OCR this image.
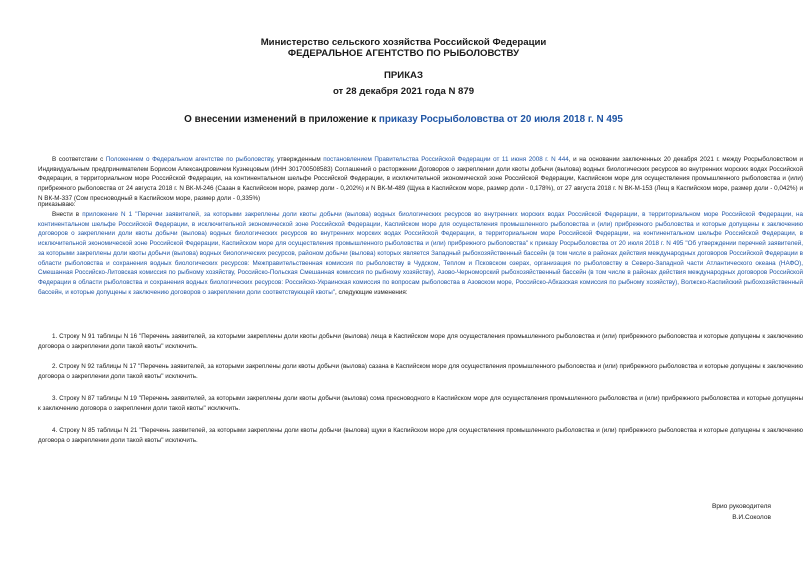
Министерство сельского хозяйства Российской Федерации
ФЕДЕРАЛЬНОЕ АГЕНТСТВО ПО РЫБОЛОВСТВУ
ПРИКАЗ
от 28 декабря 2021 года N 879
О внесении изменений в приложение к приказу Росрыболовства от 20 июля 2018 г. N 495

В соответствии с Положением о Федеральном агентстве по рыболовству, утвержденным постановлением Правительства Российской Федерации от 11 июня 2008 г. N 444, и на основании заключенных 20 декабря 2021 г. между Росрыболовством и Индивидуальным предпринимателем Борисом Александровичем Кузнецовым (ИНН 301700508583) Соглашений о расторжении Договоров о закреплении доли квоты добычи (вылова) водных биологических ресурсов во внутренних морских водах Российской Федерации, в территориальном море Российской Федерации, на континентальном шельфе Российской Федерации, в исключительной экономической зоне Российской Федерации, Каспийском море для осуществления промышленного рыболовства и (или) прибрежного рыболовства от 24 августа 2018 г. N ВК-М-246 (Сазан в Каспийском море, размер доли - 0,202%) и N ВК-М-489 (Щука в Каспийском море, размер доли - 0,178%), от 27 августа 2018 г. N ВК-М-153 (Лещ в Каспийском море, размер доли - 0,042%) и N ВК-М-337 (Сом пресноводный в Каспийском море, размер доли - 0,335%)

приказываю:

Внести в приложение N 1 "Перечни заявителей, за которыми закреплены доли квоты добычи (вылова) водных биологических ресурсов во внутренних морских водах Российской Федерации, в территориальном море Российской Федерации, на континентальном шельфе Российской Федерации, в исключительной экономической зоне Российской Федерации, Каспийском море для осуществления промышленного рыболовства и (или) прибрежного рыболовства и которые допущены к заключению договоров о закреплении доли квоты добычи (вылова) водных биологических ресурсов во внутренних морских водах Российской Федерации, в территориальном море Российской Федерации, на континентальном шельфе Российской Федерации, в исключительной экономической зоне Российской Федерации, Каспийском море для осуществления промышленного рыболовства и (или) прибрежного рыболовства" к приказу Росрыболовства от 20 июля 2018 г. N 495 "Об утверждении перечней заявителей, за которыми закреплены доли квоты добычи (вылова) водных биологических ресурсов, районом добычи (вылова) которых является Западный рыбохозяйственный бассейн (в том числе в районах действия международных договоров Российской Федерации в области рыболовства и сохранения водных биологических ресурсов: Межправительственная комиссия по рыболовству в Чудском, Теплом и Псковском озерах, организация по рыболовству в Северо-Западной части Атлантического океана (НАФО), Смешанная Российско-Литовская комиссия по рыбному хозяйству, Российско-Польская Смешанная комиссия по рыбному хозяйству), Азово-Черноморский рыбохозяйственный бассейн (в том числе в районах действия международных договоров Российской Федерации в области рыболовства и сохранения водных биологических ресурсов: Российско-Украинская комиссия по вопросам рыболовства в Азовском море, Российско-Абхазская комиссия по рыбному хозяйству), Волжско-Каспийский рыбохозяйственный бассейн, и которые допущены к заключению договоров о закреплении доли соответствующей квоты", следующие изменения:

1. Строку N 91 таблицы N 16 "Перечень заявителей, за которыми закреплены доли квоты добычи (вылова) леща в Каспийском море для осуществления промышленного рыболовства и (или) прибрежного рыболовства и которые допущены к заключению договора о закреплении доли такой квоты" исключить.

2. Строку N 92 таблицы N 17 "Перечень заявителей, за которыми закреплены доли квоты добычи (вылова) сазана в Каспийском море для осуществления промышленного рыболовства и (или) прибрежного рыболовства и которые допущены к заключению договора о закреплении доли такой квоты" исключить.

3. Строку N 87 таблицы N 19 "Перечень заявителей, за которыми закреплены доли квоты добычи (вылова) сома пресноводного в Каспийском море для осуществления промышленного рыболовства и (или) прибрежного рыболовства и которые допущены к заключению договора о закреплении доли такой квоты" исключить.

4. Строку N 85 таблицы N 21 "Перечень заявителей, за которыми закреплены доли квоты добычи (вылова) щуки в Каспийском море для осуществления промышленного рыболовства и (или) прибрежного рыболовства и которые допущены к заключению договора о закреплении доли такой квоты" исключить.

Врио руководителя
В.И.Соколов
